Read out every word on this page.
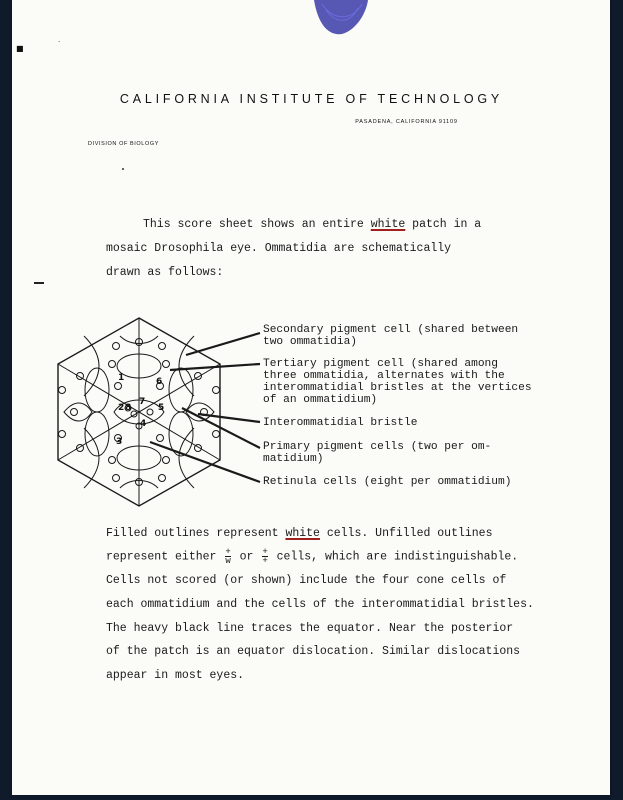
·
■
CALIFORNIA INSTITUTE OF TECHNOLOGY
PASADENA, CALIFORNIA 91109
DIVISION OF BIOLOGY
This score sheet shows an entire white patch in a
mosaic Drosophila eye. Ommatidia are schematically
drawn as follows:
1	6
2 8
7
5
4
3
Secondary pigment cell (shared between
two ommatidia)
Tertiary pigment cell (shared among
three ommatidia, alternates with the
interommatidial bristles at the vertices
of an ommatidium)
Interommatidial bristle
Primary pigment cells (two per om-
matidium)
Retinula cells (eight per ommatidium)
Filled outlines represent white cells. Unfilled outlines
represent either $\frac{+}{w}$ or $\frac{+}{+}$ cells, which are indistinguishable.
Cells not scored (or shown) include the four cone cells of
each ommatidium and the cells of the interommatidial bristles.
The heavy black line traces the equator. Near the posterior
of the patch is an equator dislocation. Similar dislocations
appear in most eyes.
